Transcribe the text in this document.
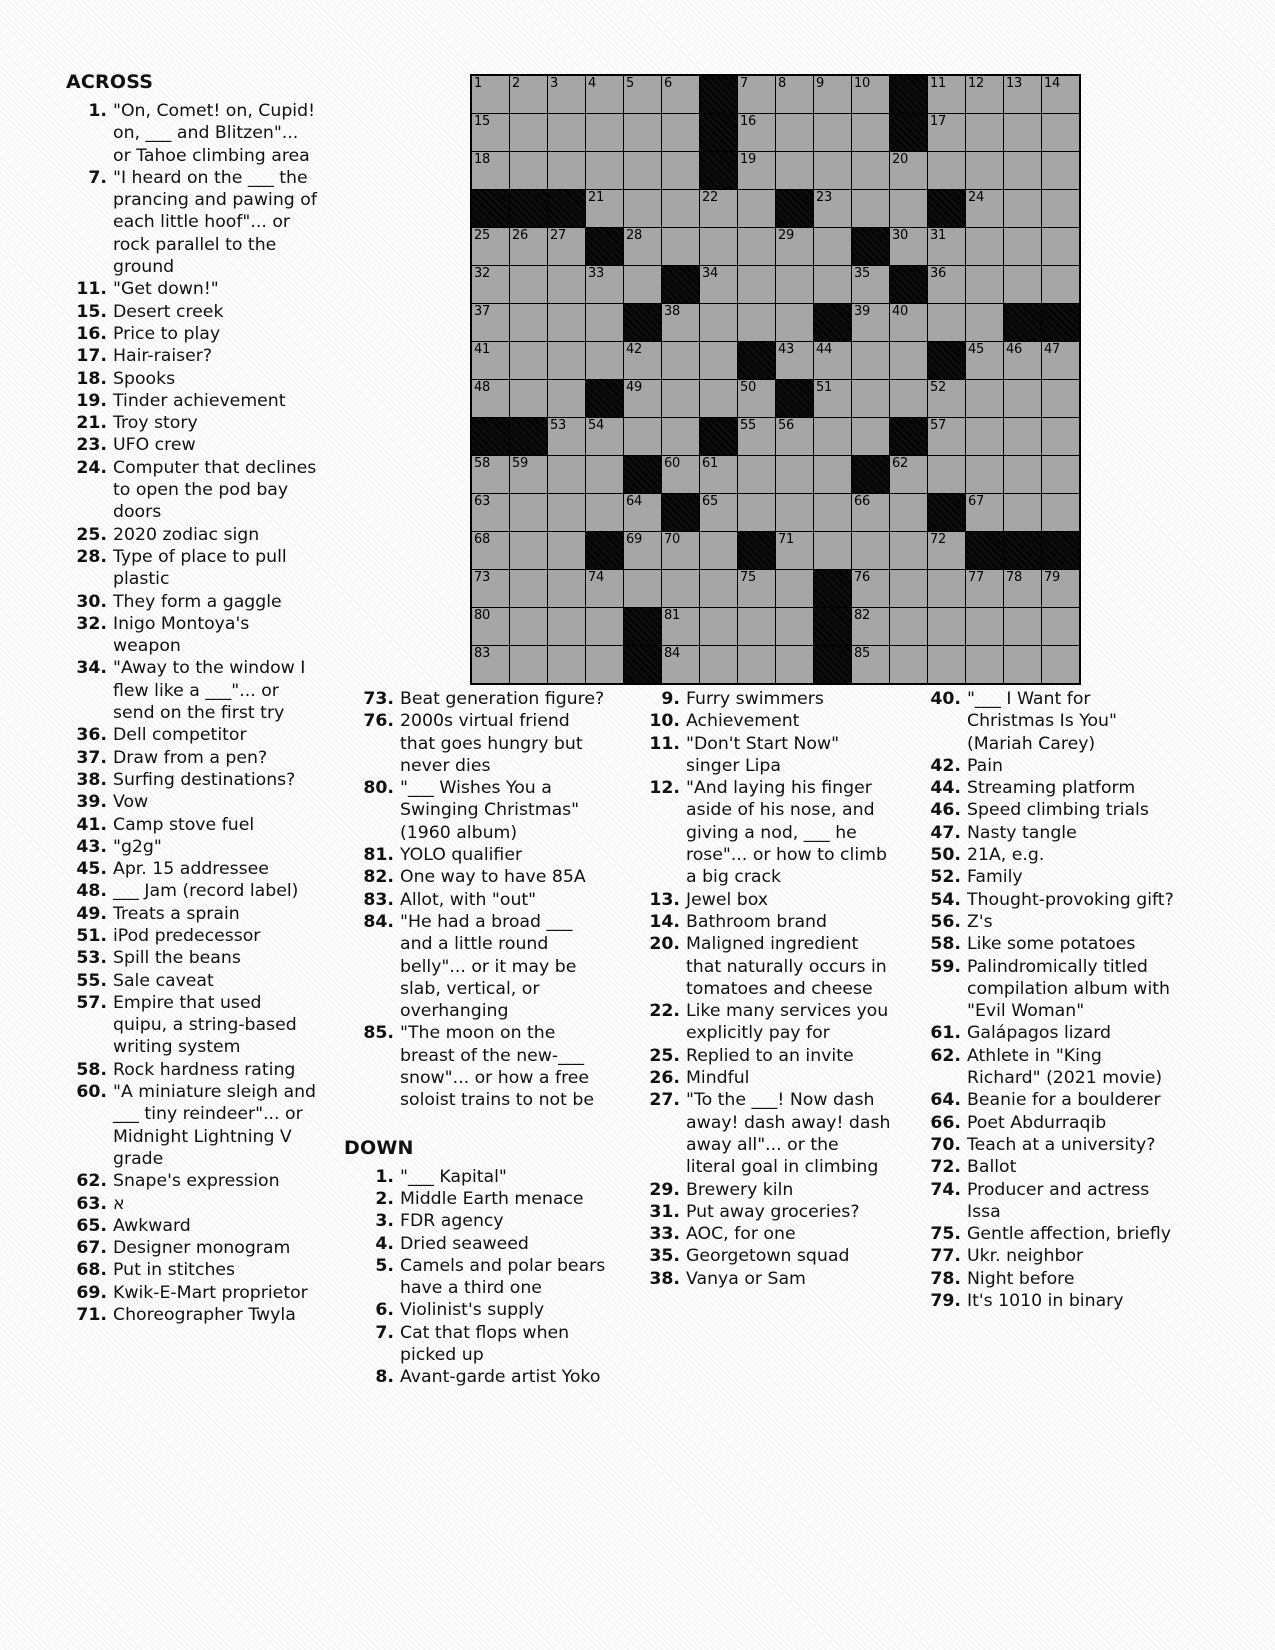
1 2 3 4 5 6	7 8 9 10	11 12 13 14
15	16	17
18	19	20
21	22	23	24
25 26 27	28	29	30 31
32	33	34	35	36
37	38	39 40
41	42	43 44	45 46 47
48	49	50	51	52
53 54	55 56	57
58 59	60 61	62
63	64	65	66	67
68	69 70	71	72
73	74	75	76	77 78 79
80	81	82
83	84	85
ACROSS
1. "On, Comet! on, Cupid! on, ___ and Blitzen"... or Tahoe climbing area
7. "I heard on the ___ the prancing and pawing of each little hoof"... or rock parallel to the ground
11. "Get down!"
15. Desert creek
16. Price to play
17. Hair-raiser?
18. Spooks
19. Tinder achievement
21. Troy story
23. UFO crew
24. Computer that declines to open the pod bay doors
25. 2020 zodiac sign
28. Type of place to pull plastic
30. They form a gaggle
32. Inigo Montoya's weapon
34. "Away to the window I flew like a ___"... or send on the first try
36. Dell competitor
37. Draw from a pen?
38. Surfing destinations?
39. Vow
41. Camp stove fuel
43. "g2g"
45. Apr. 15 addressee
48. ___ Jam (record label)
49. Treats a sprain
51. iPod predecessor
53. Spill the beans
55. Sale caveat
57. Empire that used quipu, a string-based writing system
58. Rock hardness rating
60. "A miniature sleigh and ___ tiny reindeer"... or Midnight Lightning V grade
62. Snape's expression
63. א
65. Awkward
67. Designer monogram
68. Put in stitches
69. Kwik-E-Mart proprietor
71. Choreographer Twyla
73. Beat generation figure?
76. 2000s virtual friend that goes hungry but never dies
80. "___ Wishes You a Swinging Christmas" (1960 album)
81. YOLO qualifier
82. One way to have 85A
83. Allot, with "out"
84. "He had a broad ___ and a little round belly"... or it may be slab, vertical, or overhanging
85. "The moon on the breast of the new-___ snow"... or how a free soloist trains to not be
DOWN
1. "___ Kapital"
2. Middle Earth menace
3. FDR agency
4. Dried seaweed
5. Camels and polar bears have a third one
6. Violinist's supply
7. Cat that flops when picked up
8. Avant-garde artist Yoko
9. Furry swimmers
10. Achievement
11. "Don't Start Now" singer Lipa
12. "And laying his finger aside of his nose, and giving a nod, ___ he rose"... or how to climb a big crack
13. Jewel box
14. Bathroom brand
20. Maligned ingredient that naturally occurs in tomatoes and cheese
22. Like many services you explicitly pay for
25. Replied to an invite
26. Mindful
27. "To the ___! Now dash away! dash away! dash away all"... or the literal goal in climbing
29. Brewery kiln
31. Put away groceries?
33. AOC, for one
35. Georgetown squad
38. Vanya or Sam
40. "___ I Want for Christmas Is You" (Mariah Carey)
42. Pain
44. Streaming platform
46. Speed climbing trials
47. Nasty tangle
50. 21A, e.g.
52. Family
54. Thought-provoking gift?
56. Z's
58. Like some potatoes
59. Palindromically titled compilation album with "Evil Woman"
61. Galápagos lizard
62. Athlete in "King Richard" (2021 movie)
64. Beanie for a boulderer
66. Poet Abdurraqib
70. Teach at a university?
72. Ballot
74. Producer and actress Issa
75. Gentle affection, briefly
77. Ukr. neighbor
78. Night before
79. It's 1010 in binary
